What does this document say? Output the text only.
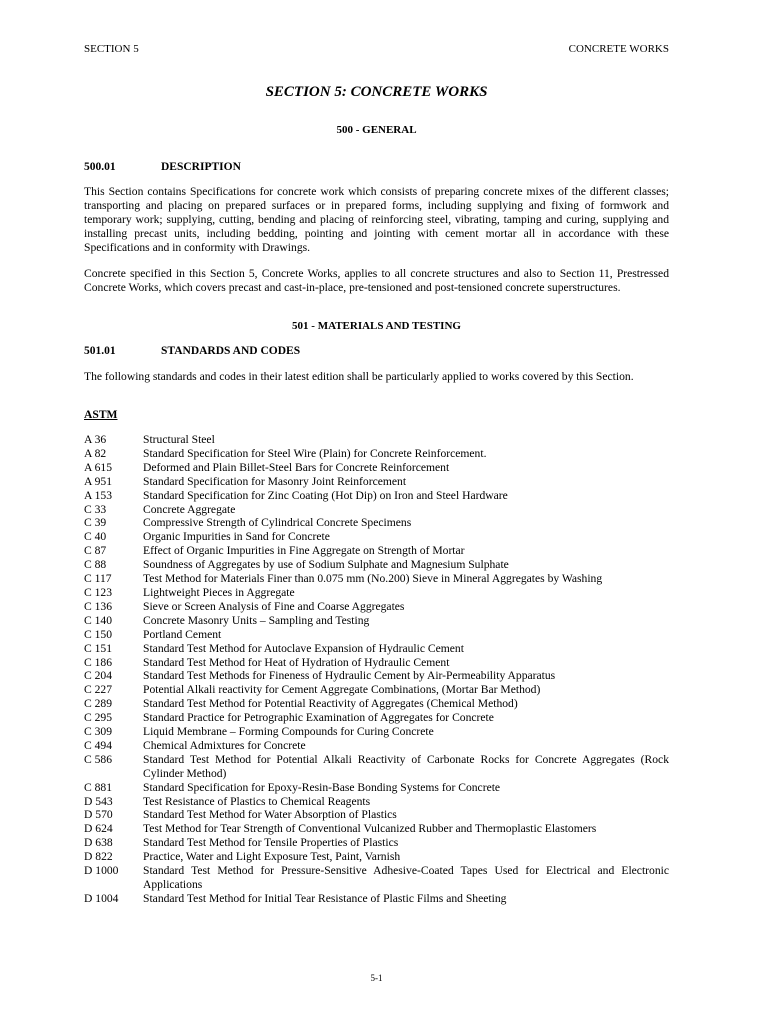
SECTION 5	CONCRETE WORKS
SECTION 5: CONCRETE WORKS
500 - GENERAL
500.01	DESCRIPTION
This Section contains Specifications for concrete work which consists of preparing concrete mixes of the different classes; transporting and placing on prepared surfaces or in prepared forms, including supplying and fixing of formwork and temporary work; supplying, cutting, bending and placing of reinforcing steel, vibrating, tamping and curing, supplying and installing precast units, including bedding, pointing and jointing with cement mortar all in accordance with these Specifications and in conformity with Drawings.
Concrete specified in this Section 5, Concrete Works, applies to all concrete structures and also to Section 11, Prestressed Concrete Works, which covers precast and cast-in-place, pre-tensioned and post-tensioned concrete superstructures.
501 - MATERIALS AND TESTING
501.01	STANDARDS AND CODES
The following standards and codes in their latest edition shall be particularly applied to works covered by this Section.
ASTM
A 36	Structural Steel
A 82	Standard Specification for Steel Wire (Plain) for Concrete Reinforcement.
A 615	Deformed and Plain Billet-Steel Bars for Concrete Reinforcement
A 951	Standard Specification for Masonry Joint Reinforcement
A 153	Standard Specification for Zinc Coating (Hot Dip) on Iron and Steel Hardware
C 33	Concrete Aggregate
C 39	Compressive Strength of Cylindrical Concrete Specimens
C 40	Organic Impurities in Sand for Concrete
C 87	Effect of Organic Impurities in Fine Aggregate on Strength of Mortar
C 88	Soundness of Aggregates by use of Sodium Sulphate and Magnesium Sulphate
C 117	Test Method for Materials Finer than 0.075 mm (No.200) Sieve in Mineral Aggregates by Washing
C 123	Lightweight Pieces in Aggregate
C 136	Sieve or Screen Analysis of Fine and Coarse Aggregates
C 140	Concrete Masonry Units – Sampling and Testing
C 150	Portland Cement
C 151	Standard Test Method for Autoclave Expansion of Hydraulic Cement
C 186	Standard Test Method for Heat of Hydration of Hydraulic Cement
C 204	Standard Test Methods for Fineness of Hydraulic Cement by Air-Permeability Apparatus
C 227	Potential Alkali reactivity for Cement Aggregate Combinations, (Mortar Bar Method)
C 289	Standard Test Method for Potential Reactivity of Aggregates (Chemical Method)
C 295	Standard Practice for Petrographic Examination of Aggregates for Concrete
C 309	Liquid Membrane – Forming Compounds for Curing Concrete
C 494	Chemical Admixtures for Concrete
C 586	Standard Test Method for Potential Alkali Reactivity of Carbonate Rocks for Concrete Aggregates (Rock Cylinder Method)
C 881	Standard Specification for Epoxy-Resin-Base Bonding Systems for Concrete
D 543	Test Resistance of Plastics to Chemical Reagents
D 570	Standard Test Method for Water Absorption of Plastics
D 624	Test Method for Tear Strength of Conventional Vulcanized Rubber and Thermoplastic Elastomers
D 638	Standard Test Method for Tensile Properties of Plastics
D 822	Practice, Water and Light Exposure Test, Paint, Varnish
D 1000	Standard Test Method for Pressure-Sensitive Adhesive-Coated Tapes Used for Electrical and Electronic Applications
D 1004	Standard Test Method for Initial Tear Resistance of Plastic Films and Sheeting
5-1
